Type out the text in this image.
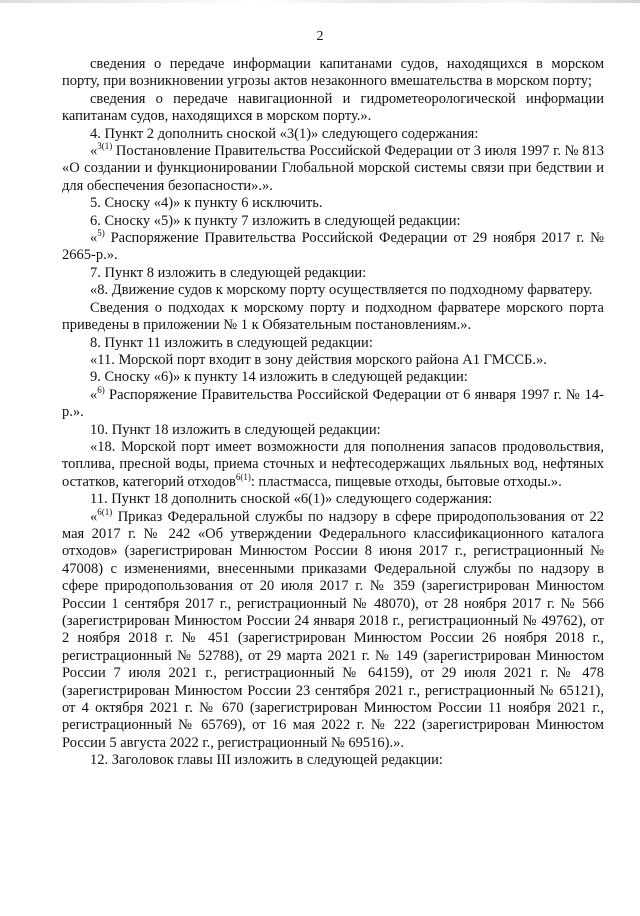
2

сведения о передаче информации капитанами судов, находящихся в морском порту, при возникновении угрозы актов незаконного вмешательства в морском порту;

сведения о передаче навигационной и гидрометеорологической информации капитанам судов, находящихся в морском порту.».

4. Пункт 2 дополнить сноской «3(1)» следующего содержания:

«$^{3(1)}$ Постановление Правительства Российской Федерации от 3 июля 1997 г. № 813 «О создании и функционировании Глобальной морской системы связи при бедствии и для обеспечения безопасности».».

5. Сноску «4)» к пункту 6 исключить.

6. Сноску «5)» к пункту 7 изложить в следующей редакции:

«$^{5)}$ Распоряжение Правительства Российской Федерации от 29 ноября 2017 г. № 2665-р.».

7. Пункт 8 изложить в следующей редакции:

«8. Движение судов к морскому порту осуществляется по подходному фарватеру.

Сведения о подходах к морскому порту и подходном фарватере морского порта приведены в приложении № 1 к Обязательным постановлениям.».

8. Пункт 11 изложить в следующей редакции:

«11. Морской порт входит в зону действия морского района А1 ГМССБ.».

9. Сноску «6)» к пункту 14 изложить в следующей редакции:

«$^{6)}$ Распоряжение Правительства Российской Федерации от 6 января 1997 г. № 14-р.».

10. Пункт 18 изложить в следующей редакции:

«18. Морской порт имеет возможности для пополнения запасов продовольствия, топлива, пресной воды, приема сточных и нефтесодержащих льяльных вод, нефтяных остатков, категорий отходов$^{6(1)}$: пластмасса, пищевые отходы, бытовые отходы.».

11. Пункт 18 дополнить сноской «6(1)» следующего содержания:

«$^{6(1)}$ Приказ Федеральной службы по надзору в сфере природопользования от 22 мая 2017 г. № 242 «Об утверждении Федерального классификационного каталога отходов» (зарегистрирован Минюстом России 8 июня 2017 г., регистрационный № 47008) с изменениями, внесенными приказами Федеральной службы по надзору в сфере природопользования от 20 июля 2017 г. № 359 (зарегистрирован Минюстом России 1 сентября 2017 г., регистрационный № 48070), от 28 ноября 2017 г. № 566 (зарегистрирован Минюстом России 24 января 2018 г., регистрационный № 49762), от 2 ноября 2018 г. № 451 (зарегистрирован Минюстом России 26 ноября 2018 г., регистрационный № 52788), от 29 марта 2021 г. № 149 (зарегистрирован Минюстом России 7 июля 2021 г., регистрационный № 64159), от 29 июля 2021 г. № 478 (зарегистрирован Минюстом России 23 сентября 2021 г., регистрационный № 65121), от 4 октября 2021 г. № 670 (зарегистрирован Минюстом России 11 ноября 2021 г., регистрационный № 65769), от 16 мая 2022 г. № 222 (зарегистрирован Минюстом России 5 августа 2022 г., регистрационный № 69516).».

12. Заголовок главы III изложить в следующей редакции:
